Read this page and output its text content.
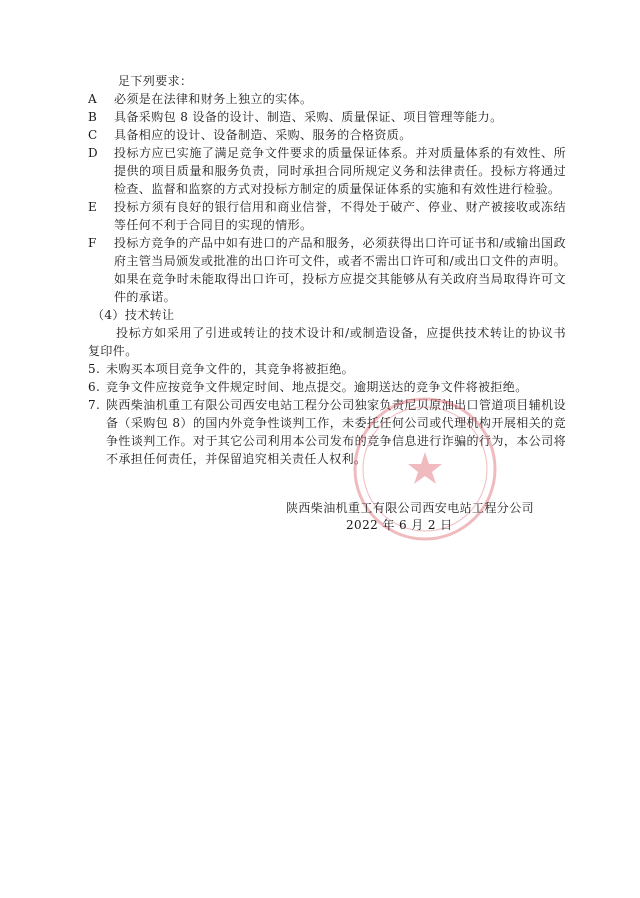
足下列要求：
A	必须是在法律和财务上独立的实体。
B	具备采购包 8 设备的设计、制造、采购、质量保证、项目管理等能力。
C	具备相应的设计、设备制造、采购、服务的合格资质。
D	投标方应已实施了满足竞争文件要求的质量保证体系。并对质量体系的有效性、所提供的项目质量和服务负责，同时承担合同所规定义务和法律责任。投标方将通过检查、监督和监察的方式对投标方制定的质量保证体系的实施和有效性进行检验。
E	投标方须有良好的银行信用和商业信誉，不得处于破产、停业、财产被接收或冻结等任何不利于合同目的实现的情形。
F	投标方竞争的产品中如有进口的产品和服务，必须获得出口许可证书和/或输出国政府主管当局颁发或批准的出口许可文件，或者不需出口许可和/或出口文件的声明。如果在竞争时未能取得出口许可，投标方应提交其能够从有关政府当局取得许可文件的承诺。
（4）技术转让

投标方如采用了引进或转让的技术设计和/或制造设备，应提供技术转让的协议书复印件。

5. 未购买本项目竞争文件的，其竞争将被拒绝。
6. 竞争文件应按竞争文件规定时间、地点提交。逾期送达的竞争文件将被拒绝。
7. 陕西柴油机重工有限公司西安电站工程分公司独家负责尼贝原油出口管道项目辅机设备（采购包 8）的国内外竞争性谈判工作，未委托任何公司或代理机构开展相关的竞争性谈判工作。对于其它公司利用本公司发布的竞争信息进行诈骗的行为，本公司将不承担任何责任，并保留追究相关责任人权利。
陕西柴油机重工有限公司西安电站工程分公司
2022 年 6 月 2 日
